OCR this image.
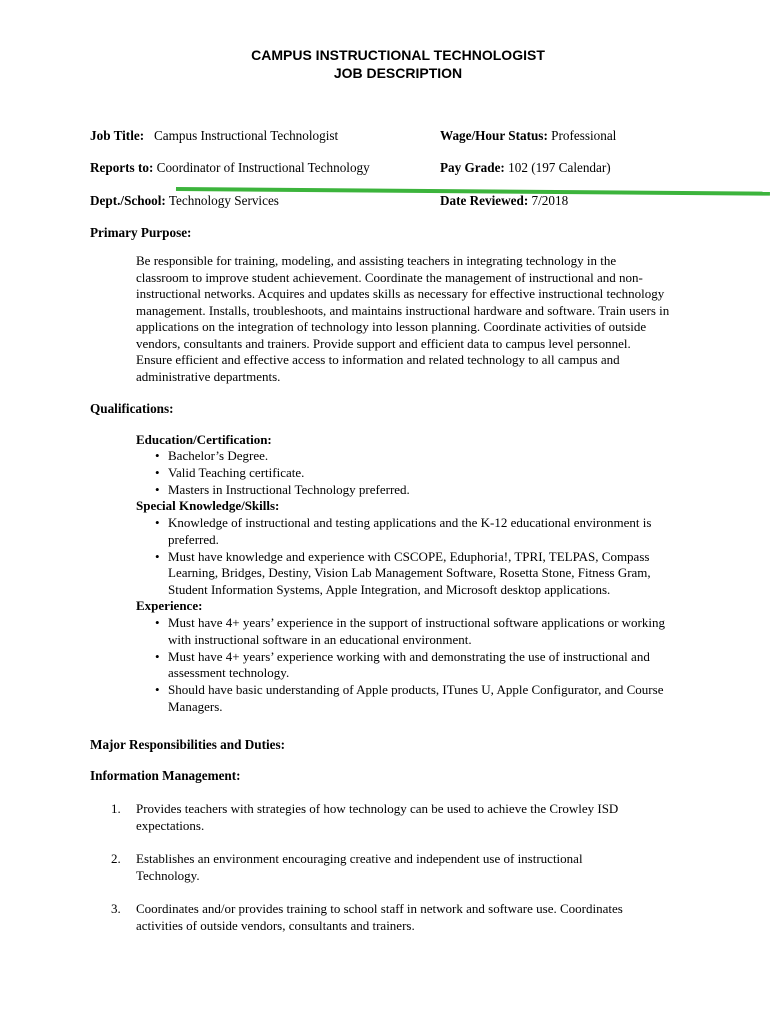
CAMPUS INSTRUCTIONAL TECHNOLOGIST
JOB DESCRIPTION
Job Title: Campus Instructional Technologist	Wage/Hour Status: Professional
Reports to: Coordinator of Instructional Technology	Pay Grade: 102 (197 Calendar)
Dept./School: Technology Services	Date Reviewed: 7/2018
Primary Purpose:
Be responsible for training, modeling, and assisting teachers in integrating technology in the
classroom to improve student achievement. Coordinate the management of instructional and non-
instructional networks. Acquires and updates skills as necessary for effective instructional technology
management. Installs, troubleshoots, and maintains instructional hardware and software. Train users in
applications on the integration of technology into lesson planning. Coordinate activities of outside
vendors, consultants and trainers. Provide support and efficient data to campus level personnel.
Ensure efficient and effective access to information and related technology to all campus and
administrative departments.
Qualifications:
Education/Certification:
• Bachelor’s Degree.
• Valid Teaching certificate.
• Masters in Instructional Technology preferred.
Special Knowledge/Skills:
• Knowledge of instructional and testing applications and the K-12 educational environment is
preferred.
• Must have knowledge and experience with CSCOPE, Eduphoria!, TPRI, TELPAS, Compass
Learning, Bridges, Destiny, Vision Lab Management Software, Rosetta Stone, Fitness Gram,
Student Information Systems, Apple Integration, and Microsoft desktop applications.
Experience:
• Must have 4+ years’ experience in the support of instructional software applications or working
with instructional software in an educational environment.
• Must have 4+ years’ experience working with and demonstrating the use of instructional and
assessment technology.
• Should have basic understanding of Apple products, ITunes U, Apple Configurator, and Course
Managers.
Major Responsibilities and Duties:
Information Management:
1. Provides teachers with strategies of how technology can be used to achieve the Crowley ISD
expectations.
2. Establishes an environment encouraging creative and independent use of instructional
Technology.
3. Coordinates and/or provides training to school staff in network and software use. Coordinates
activities of outside vendors, consultants and trainers.
